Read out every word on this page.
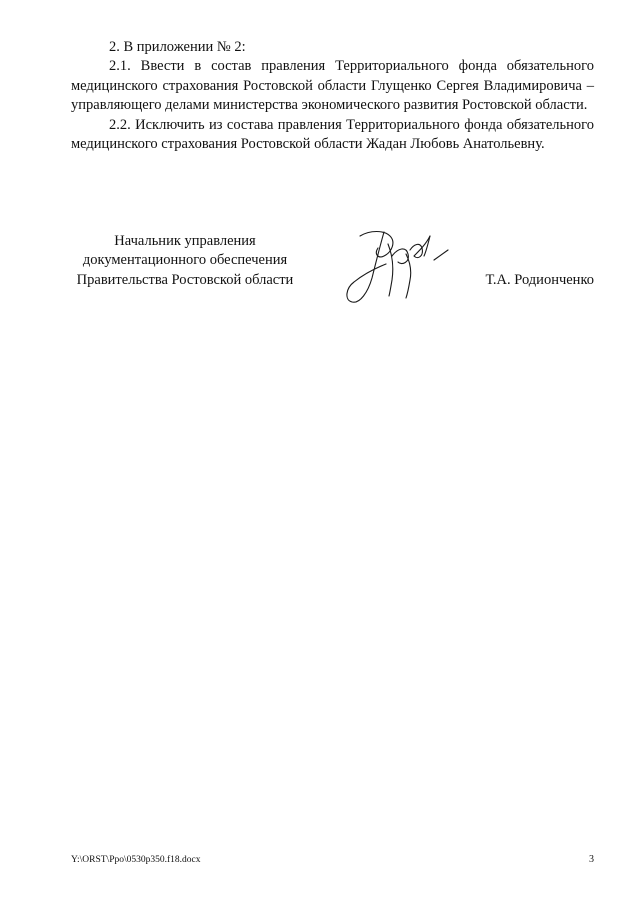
2. В приложении № 2:

2.1. Ввести в состав правления Территориального фонда обязательного медицинского страхования Ростовской области Глущенко Сергея Владимировича – управляющего делами министерства экономического развития Ростовской области.

2.2. Исключить из состава правления Территориального фонда обязательного медицинского страхования Ростовской области Жадан Любовь Анатольевну.

Начальник управления
документационного обеспечения
Правительства Ростовской области	Т.А. Родионченко
Y:\ORST\Ppo\0530p350.f18.docx	3
